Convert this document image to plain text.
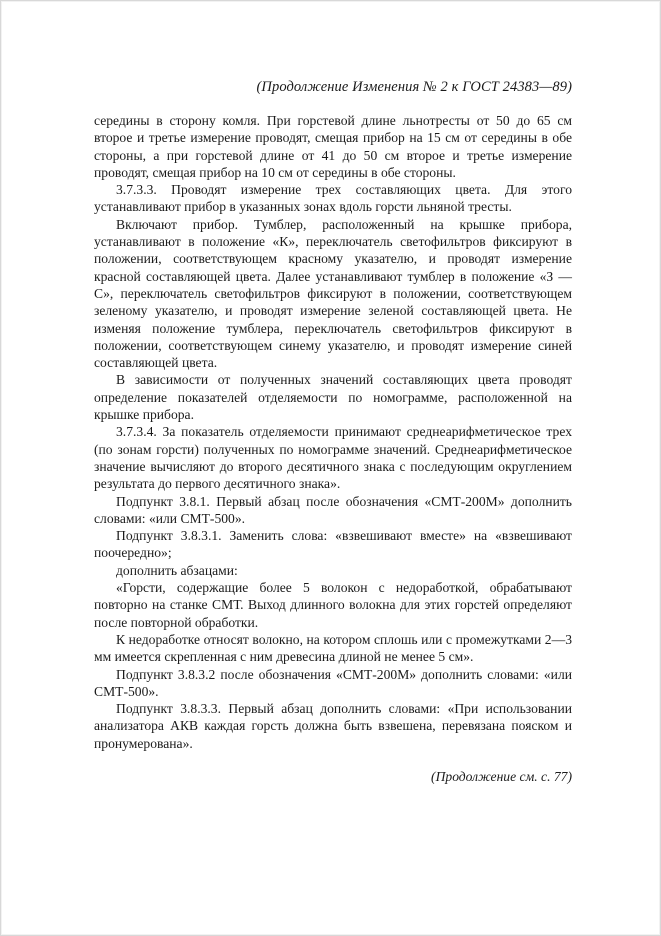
(Продолжение Изменения № 2 к ГОСТ 24383—89)

середины в сторону комля. При горстевой длине льнотресты от 50 до 65 см второе и третье измерение проводят, смещая прибор на 15 см от середины в обе стороны, а при горстевой длине от 41 до 50 см второе и третье измерение проводят, смещая прибор на 10 см от середины в обе стороны.

3.7.3.3. Проводят измерение трех составляющих цвета. Для этого устанавливают прибор в указанных зонах вдоль горсти льняной тресты.

Включают прибор. Тумблер, расположенный на крышке прибора, устанавливают в положение «К», переключатель светофильтров фиксируют в положении, соответствующем красному указателю, и проводят измерение красной составляющей цвета. Далее устанавливают тумблер в положение «З — С», переключатель светофильтров фиксируют в положении, соответствующем зеленому указателю, и проводят измерение зеленой составляющей цвета. Не изменяя положение тумблера, переключатель светофильтров фиксируют в положении, соответствующем синему указателю, и проводят измерение синей составляющей цвета.

В зависимости от полученных значений составляющих цвета проводят определение показателей отделяемости по номограмме, расположенной на крышке прибора.

3.7.3.4. За показатель отделяемости принимают среднеарифметическое трех (по зонам горсти) полученных по номограмме значений. Среднеарифметическое значение вычисляют до второго десятичного знака с последующим округлением результата до первого десятичного знака».

Подпункт 3.8.1. Первый абзац после обозначения «СМТ-200М» дополнить словами: «или СМТ-500».

Подпункт 3.8.3.1. Заменить слова: «взвешивают вместе» на «взвешивают поочередно»;

дополнить абзацами:

«Горсти, содержащие более 5 волокон с недоработкой, обрабатывают повторно на станке СМТ. Выход длинного волокна для этих горстей определяют после повторной обработки.

К недоработке относят волокно, на котором сплошь или с промежутками 2—3 мм имеется скрепленная с ним древесина длиной не менее 5 см».

Подпункт 3.8.3.2 после обозначения «СМТ-200М» дополнить словами: «или СМТ-500».

Подпункт 3.8.3.3. Первый абзац дополнить словами: «При использовании анализатора АКВ каждая горсть должна быть взвешена, перевязана пояском и пронумерована».

(Продолжение см. с. 77)
